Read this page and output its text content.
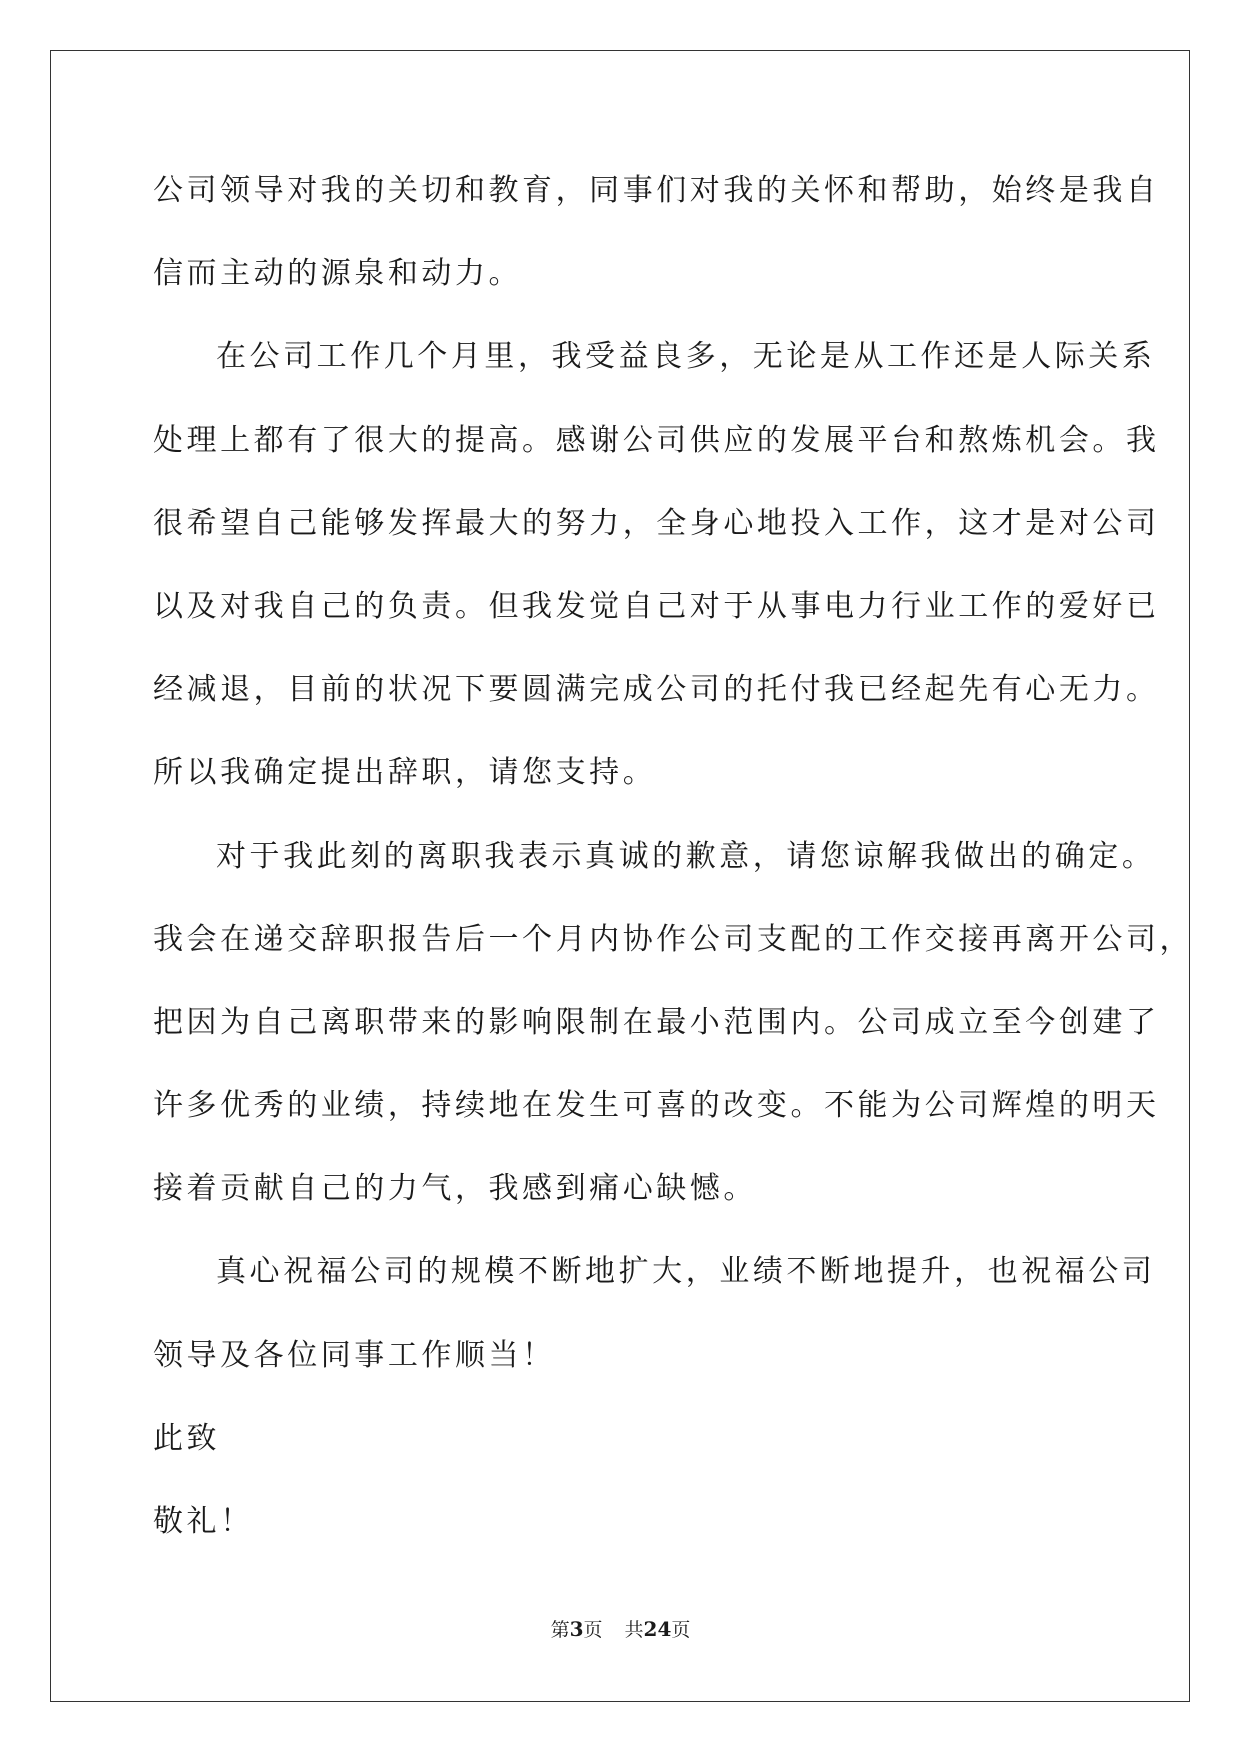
公司领导对我的关切和教育，同事们对我的关怀和帮助，始终是我自
信而主动的源泉和动力。
在公司工作几个月里，我受益良多，无论是从工作还是人际关系
处理上都有了很大的提高。感谢公司供应的发展平台和熬炼机会。我
很希望自己能够发挥最大的努力，全身心地投入工作，这才是对公司
以及对我自己的负责。但我发觉自己对于从事电力行业工作的爱好已
经减退，目前的状况下要圆满完成公司的托付我已经起先有心无力。
所以我确定提出辞职，请您支持。
对于我此刻的离职我表示真诚的歉意，请您谅解我做出的确定。
我会在递交辞职报告后一个月内协作公司支配的工作交接再离开公司，
把因为自己离职带来的影响限制在最小范围内。公司成立至今创建了
许多优秀的业绩，持续地在发生可喜的改变。不能为公司辉煌的明天
接着贡献自己的力气，我感到痛心缺憾。
真心祝福公司的规模不断地扩大，业绩不断地提升，也祝福公司
领导及各位同事工作顺当！
此致
敬礼！
第3页 共24页
